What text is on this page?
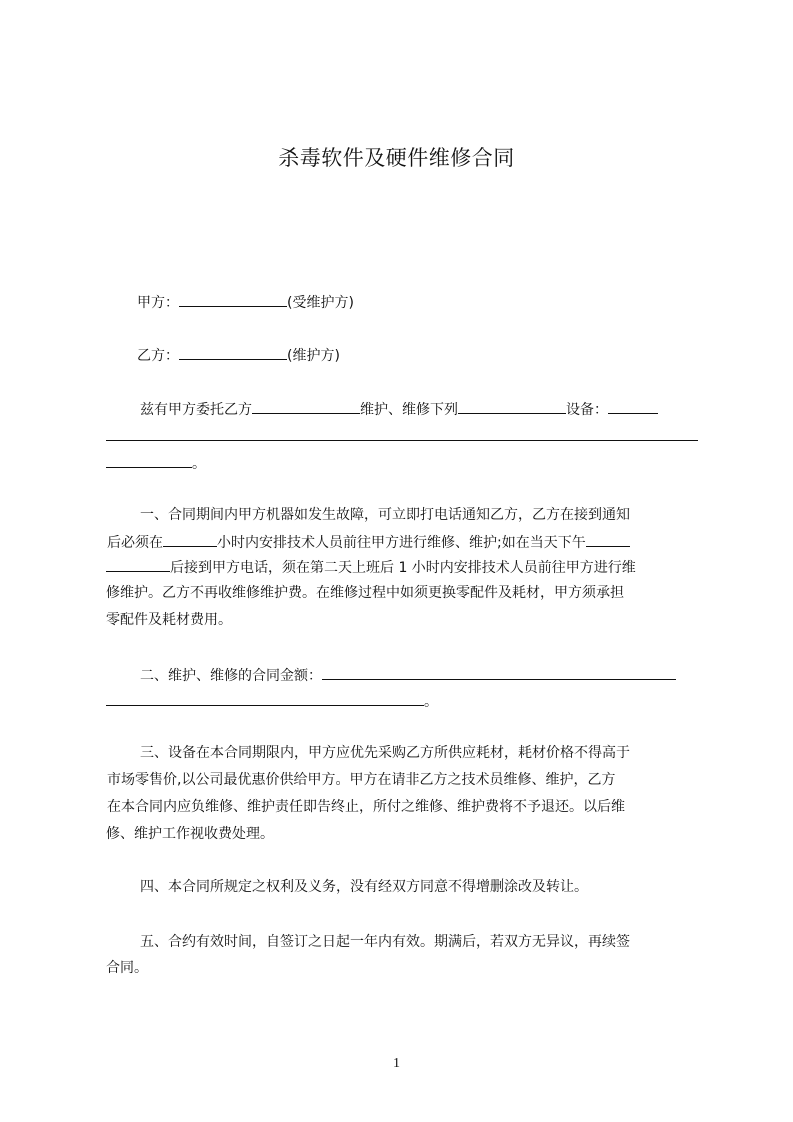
杀毒软件及硬件维修合同
甲方：	(受维护方)
乙方：	(维护方)
兹有甲方委托乙方	维护、维修下列	设备：
。
一、合同期间内甲方机器如发生故障，可立即打电话通知乙方，乙方在接到通知
后必须在	小时内安排技术人员前往甲方进行维修、维护;如在当天下午
后接到甲方电话，须在第二天上班后 1 小时内安排技术人员前往甲方进行维
修维护。乙方不再收维修维护费。在维修过程中如须更换零配件及耗材，甲方须承担
零配件及耗材费用。
二、维护、维修的合同金额：
。
三、设备在本合同期限内，甲方应优先采购乙方所供应耗材，耗材价格不得高于
市场零售价,以公司最优惠价供给甲方。甲方在请非乙方之技术员维修、维护，乙方
在本合同内应负维修、维护责任即告终止，所付之维修、维护费将不予退还。以后维
修、维护工作视收费处理。
四、本合同所规定之权利及义务，没有经双方同意不得增删涂改及转让。
五、合约有效时间，自签订之日起一年内有效。期满后，若双方无异议，再续签
合同。
1
